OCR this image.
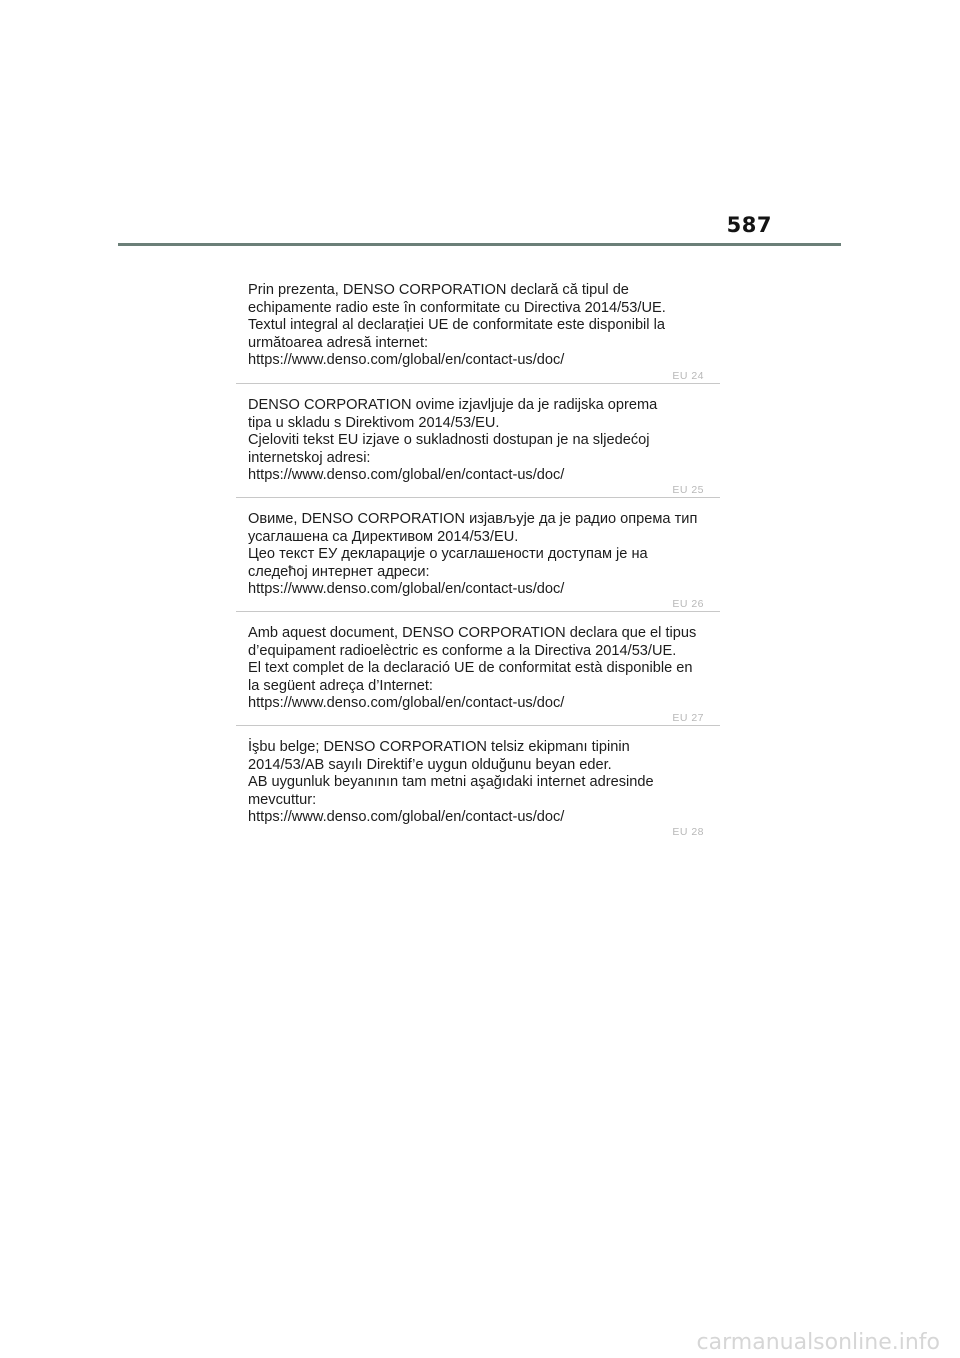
587

Prin prezenta, DENSO CORPORATION declară că tipul de
echipamente radio este în conformitate cu Directiva 2014/53/UE.
Textul integral al declarației UE de conformitate este disponibil la
următoarea adresă internet:
https://www.denso.com/global/en/contact-us/doc/

EU 24

DENSO CORPORATION ovime izjavljuje da je radijska oprema
tipa u skladu s Direktivom 2014/53/EU.
Cjeloviti tekst EU izjave o sukladnosti dostupan je na sljedećoj
internetskoj adresi:
https://www.denso.com/global/en/contact-us/doc/

EU 25

Овиме, DENSO CORPORATION изјављује да је радио опрема тип
усаглашена са Директивом 2014/53/EU.
Цео текст ЕУ декларације о усаглашености доступам је на
следећој интернет адреси:
https://www.denso.com/global/en/contact-us/doc/

EU 26

Amb aquest document, DENSO CORPORATION declara que el tipus
d’equipament radioelèctric es conforme a la Directiva 2014/53/UE.
El text complet de la declaració UE de conformitat està disponible en
la següent adreça d’Internet:
https://www.denso.com/global/en/contact-us/doc/

EU 27

İşbu belge; DENSO CORPORATION telsiz ekipmanı tipinin
2014/53/AB sayılı Direktif’e uygun olduğunu beyan eder.
AB uygunluk beyanının tam metni aşağıdaki internet adresinde
mevcuttur:
https://www.denso.com/global/en/contact-us/doc/

EU 28
carmanualsonline.info
